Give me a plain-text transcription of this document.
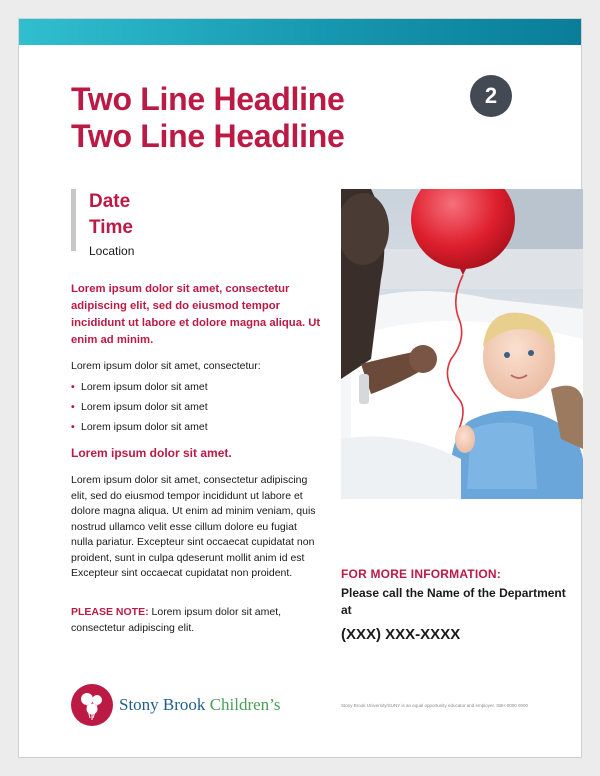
2
Two Line Headline
Two Line Headline
Date
Time
Location

Lorem ipsum dolor sit amet, consectetur adipiscing elit, sed do eiusmod tempor incididunt ut labore et dolore magna aliqua. Ut enim ad minim.

Lorem ipsum dolor sit amet, consectetur:

• Lorem ipsum dolor sit amet
• Lorem ipsum dolor sit amet
• Lorem ipsum dolor sit amet
Lorem ipsum dolor sit amet.

Lorem ipsum dolor sit amet, consectetur adipiscing elit, sed do eiusmod tempor incididunt ut labore et dolore magna aliqua. Ut enim ad minim veniam, quis nostrud ullamco velit esse cillum dolore eu fugiat nulla pariatur. Excepteur sint occaecat cupidatat non proident, sunt in culpa qdeserunt mollit anim id est Excepteur sint occaecat cupidatat non proident.

PLEASE NOTE: Lorem ipsum dolor sit amet, consectetur adipiscing elit.

FOR MORE INFORMATION:
Please call the Name of the Department at
(XXX) XXX-XXXX
Stony Brook Children’s	Stony Brook University/SUNY is an equal opportunity educator and employer. SBH 0000 0000
